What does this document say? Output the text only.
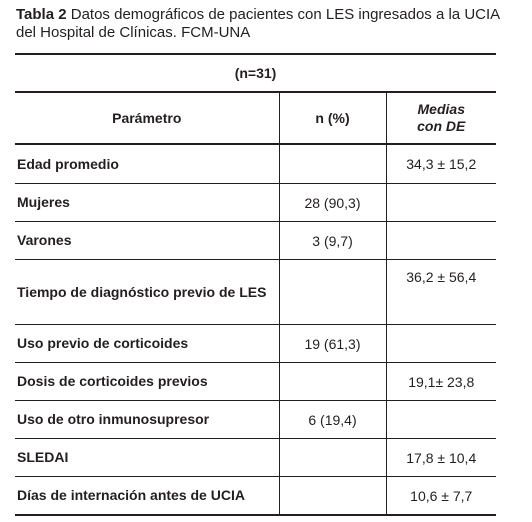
Tabla 2 Datos demográficos de pacientes con LES ingresados a la UCIA del Hospital de Clínicas. FCM-UNA
(n=31)		
Parámetro	n (%)	Medias
con DE
Edad promedio		34,3 ± 15,2
Mujeres	28 (90,3)	
Varones	3 (9,7)	
Tiempo de diagnóstico previo de LES		36,2 ± 56,4
Uso previo de corticoides	19 (61,3)	
Dosis de corticoides previos		19,1± 23,8
Uso de otro inmunosupresor	6 (19,4)	
SLEDAI		17,8 ± 10,4
Días de internación antes de UCIA		10,6 ± 7,7
